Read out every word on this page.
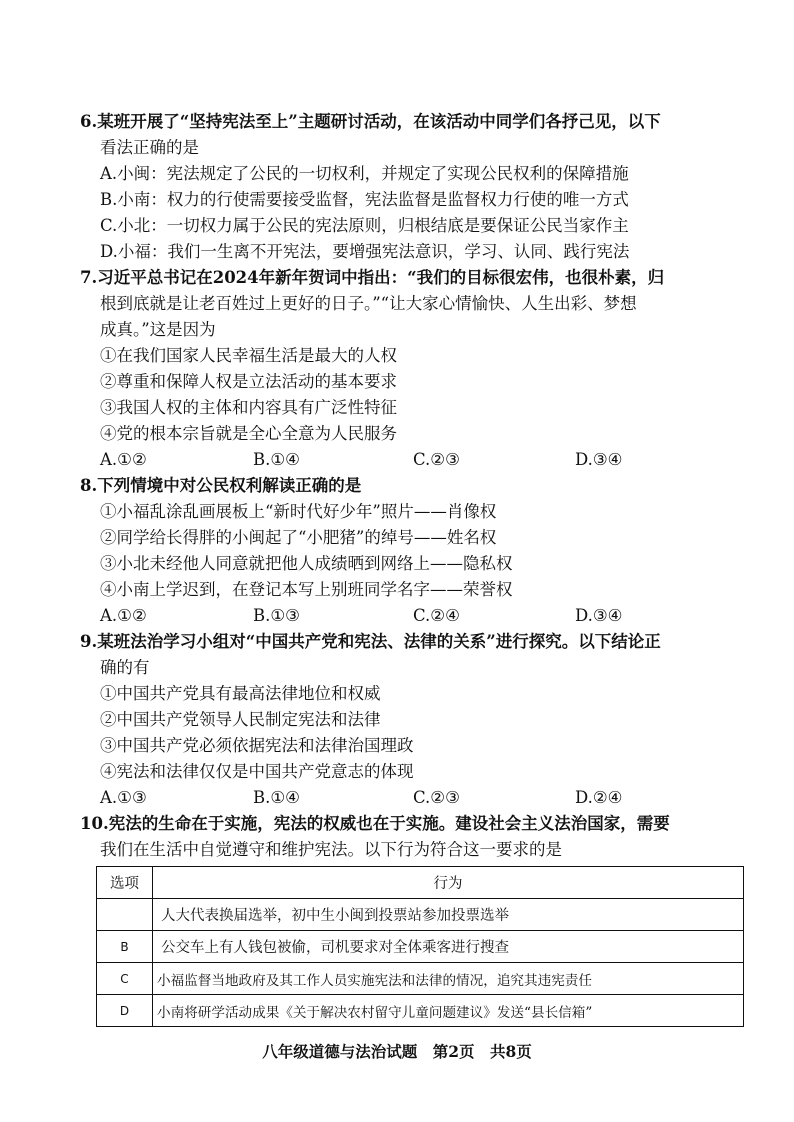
6.某班开展了“坚持宪法至上”主题研讨活动，在该活动中同学们各抒己见，以下
看法正确的是
A.小闽：宪法规定了公民的一切权利，并规定了实现公民权利的保障措施
B.小南：权力的行使需要接受监督，宪法监督是监督权力行使的唯一方式
C.小北：一切权力属于公民的宪法原则，归根结底是要保证公民当家作主
D.小福：我们一生离不开宪法，要增强宪法意识，学习、认同、践行宪法
7.习近平总书记在2024年新年贺词中指出：“我们的目标很宏伟，也很朴素，归
根到底就是让老百姓过上更好的日子。”“让大家心情愉快、人生出彩、梦想
成真。”这是因为
①在我们国家人民幸福生活是最大的人权
②尊重和保障人权是立法活动的基本要求
③我国人权的主体和内容具有广泛性特征
④党的根本宗旨就是全心全意为人民服务
A.①②	B.①④	C.②③	D.③④
8.下列情境中对公民权利解读正确的是
①小福乱涂乱画展板上“新时代好少年”照片——肖像权
②同学给长得胖的小闽起了“小肥猪”的绰号——姓名权
③小北未经他人同意就把他人成绩晒到网络上——隐私权
④小南上学迟到，在登记本写上别班同学名字——荣誉权
A.①②	B.①③	C.②④	D.③④
9.某班法治学习小组对“中国共产党和宪法、法律的关系”进行探究。以下结论正
确的有
①中国共产党具有最高法律地位和权威
②中国共产党领导人民制定宪法和法律
③中国共产党必须依据宪法和法律治国理政
④宪法和法律仅仅是中国共产党意志的体现
A.①③	B.①④	C.②③	D.②④
10.宪法的生命在于实施，宪法的权威也在于实施。建设社会主义法治国家，需要
我们在生活中自觉遵守和维护宪法。以下行为符合这一要求的是
选项	行为
	人大代表换届选举，初中生小闽到投票站参加投票选举
B	公交车上有人钱包被偷，司机要求对全体乘客进行搜查
C	小福监督当地政府及其工作人员实施宪法和法律的情况，追究其违宪责任
D	小南将研学活动成果《关于解决农村留守儿童问题建议》发送“县长信箱”
八年级道德与法治试题　第2页　共8页
